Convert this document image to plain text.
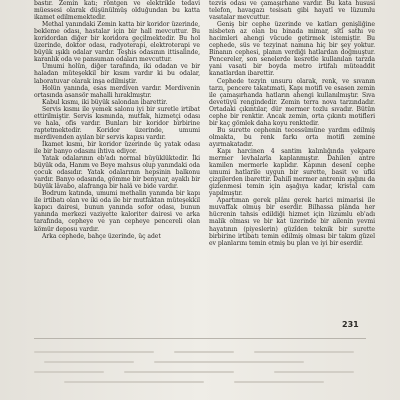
bastır. Zemin katı; röntgen ve elektrikle tedavi müessesi olarak düşünülmüş olduğundan bu katta ikamet edilmemektedir.

Methal yanındaki Zemin katta bir koridor üzerinde, bekleme odası, hastalar için bir hall mevcuttur. Bu koridordan diğer bir koridora geçilmektedir. Bu hol üzerinde, doktor odası, radyoterapi, elektroterapi ve büyük ışıklı odalar vardır. Teşhis odasının ittisalinde, karanlık oda ve pansuman odaları mevcuttur.

Umumi holün, diğer tarafında, iki odadan ve bir haladan müteşekkil bir kısım vardır ki bu odalar, laboratuvar olarak inşa edilmiştir.

Holün yanında, esas merdiven vardır. Merdivenin ortasında asansör mahalli hıraklmıştır.

Kabul kısmı, iki büyük salondan ibarettir.

Servis kısmı ile yemek salonu iyi bir suretle irtibat ettirilmiştir. Servis kısmında, mutfak, hizmetçi odası ve hala, ofis vardır. Bunları bir koridor birbirine raptetmektedir. Koridor üzerinde, umumi merdivenden ayılan bir servis kapısı vardır.

İkamet kısmı, bir koridor üzerinde üç yatak odası ile bir banyo odasını ihtiva ediyor.

Yatak odalarının eb'adı normal büyüklüktedir. İki büyük oda, Hanım ve Beye mahsus olup yanındaki oda çocuk odasıdır. Yatak odalarının hepsinin balkonu vardır. Banyo odasında, gömme bir benyuar, ayaklı bir büyük lâvabo, alafranga bir halâ ve bide vardır.

Bodrum katında, umumi methalin yanında bir kapı ile irtibatı olan ve iki oda ile bir mutfaktan müteşekkil kapıcı dairesi, bunun yanında sofor odası, bunun yanında merkezi vaziyette kaloriter dairesi ve arka tarafında, cepheye ve yan cepheye pencereli olan kömür deposu vardır.

Arka cephede, bahçe üzerinde, üç adet

tezvis odası ve çamaşırhane vardır. Bu kata hususi telefon, havagazı tesisatı gibi hayatî ve lüzumlu vasıtalar mevcuttur.

Geniş bir cephe üzerinde ve katları genişliğine nisbeten az olan bu binada mimar, sîtî sathı ve hacimleri ahengi vücude getirmek istemiştir. Bu cephede, süs ve tezyinat namına hiç bir şey yoktur. Binanın cephesi, planın verdiği hatlardan doğmuştur. Pencereler, son senelerde kesretle kullanılan tarzda yani vasati bir boyda metro irtifalı müteaddit kanatlardan ibarettir.

Cephede tezyin unsuru olarak, renk, ve sıvanın tarzı, pencere takatımati, Kapı motifi ve esasen zemin ile çamaşırhanda hatların ahengi kullanılmıştır. Sıva devetüyü rengindedir. Zemin terra nova tarzındadır. Ortadaki çıkıntılar, dür mermer tozlu sıvadır. Bütün cephe bir renktir. Ancak zemin, orta çıkıntı motifleri bir kaç gömlek daha koyu renktedir.

Bu surette cephenin tecessümüne yardım edilmiş olmakta, bu renk farkı orta motifi zemine ayırmakatadır.

Kapı harcinen 4 santim kalınlığında yekpare mermer levhalarla kaplanmıştır. Dahilen antre kamilen mermerle kaplıdır. Kapının desenî cephe umumi hatlarile uygun bir surette, basit ve ufki çizgilerden ibarettir. Dahilî mermer antrenin ışığını da gizlenmesi temin için aşağıya kadar, kristal cam yapılmıştır.

Apartıman gerek plânı gerek harici mimarisi ile muvaffak olmuş bir eserdir. Bilhassa plânda her hücrenin tahsis edildiği hizmet için lüzumlu eb'adı malik olması ve bir kat üzerinde bir ailenin yevmi hayatının (piyeslerin) güzîden teknik bir surette birbirine irtibatı temin edilmiş olması bir takım güzel ev planlarını temin etmiş bu plan ve iyi bir eserdir.

231
